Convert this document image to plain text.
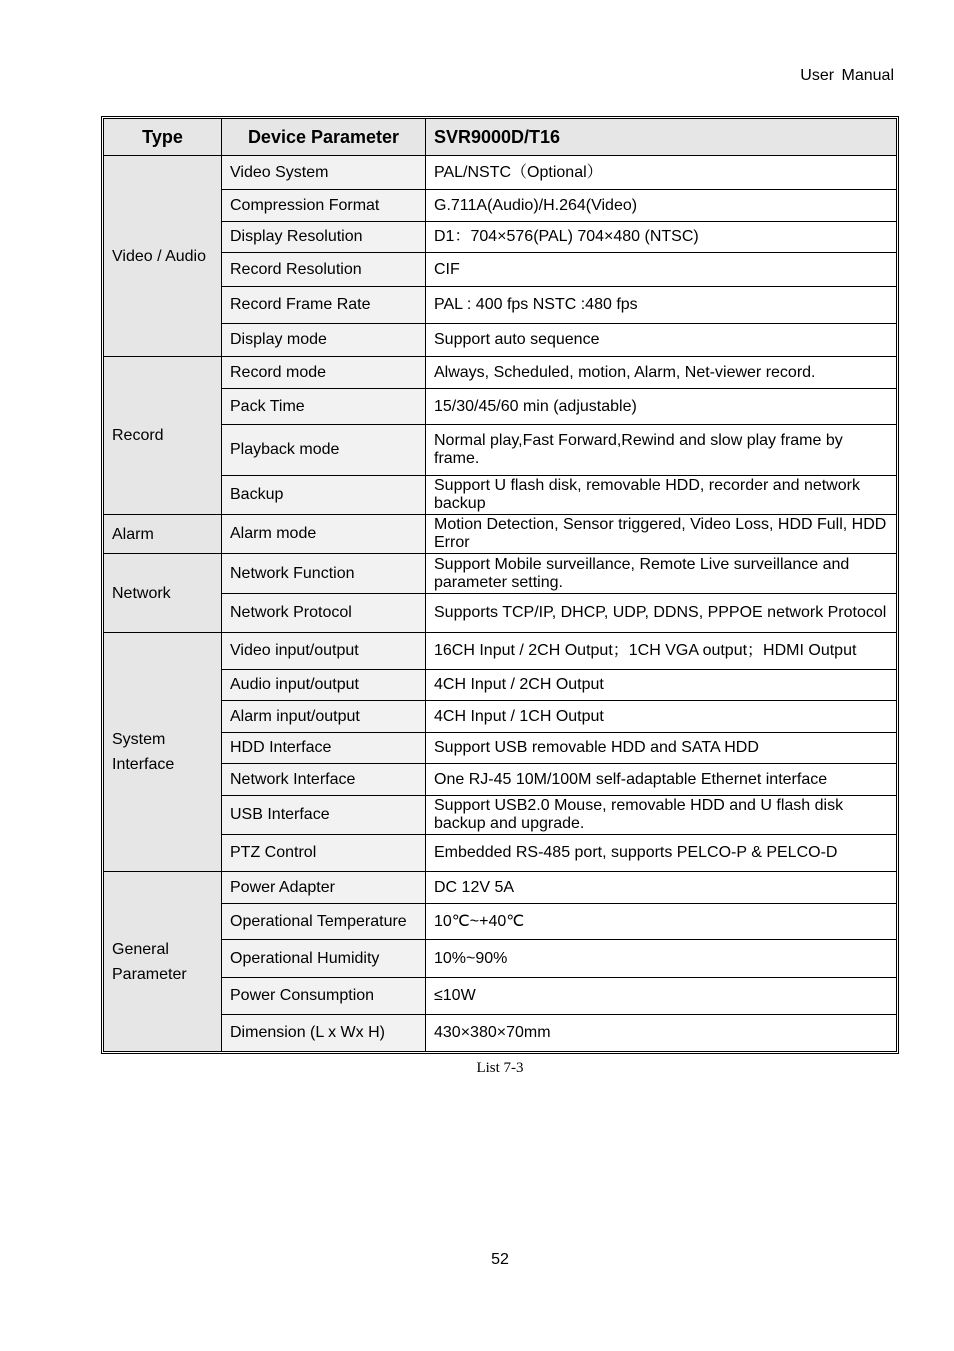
User Manual
Type	Device Parameter	SVR9000D/T16

Video / Audio	Video System	PAL/NSTC（Optional）
	Compression Format	G.711A(Audio)/H.264(Video)
	Display Resolution	D1：704×576(PAL) 704×480 (NTSC)
	Record Resolution	CIF
	Record Frame Rate	PAL : 400 fps NSTC :480 fps
	Display mode	Support auto sequence

Record	Record mode	Always, Scheduled, motion, Alarm, Net-viewer record.
	Pack Time	15/30/45/60 min (adjustable)
	Playback mode	Normal play,Fast Forward,Rewind and slow play frame by frame.
	Backup	Support U flash disk, removable HDD, recorder and network backup

Alarm	Alarm mode	Motion Detection, Sensor triggered, Video Loss, HDD Full, HDD Error

Network	Network Function	Support Mobile surveillance, Remote Live surveillance and parameter setting.
	Network Protocol	Supports TCP/IP, DHCP, UDP, DDNS, PPPOE network Protocol

System
Interface	Video input/output	16CH Input / 2CH Output；1CH VGA output；HDMI Output
	Audio input/output	4CH Input / 2CH Output
	Alarm input/output	4CH Input / 1CH Output
	HDD Interface	Support USB removable HDD and SATA HDD
	Network Interface	One RJ-45 10M/100M self-adaptable Ethernet interface
	USB Interface	Support USB2.0 Mouse, removable HDD and U flash disk backup and upgrade.
	PTZ Control	Embedded RS-485 port, supports PELCO-P & PELCO-D

General
Parameter	Power Adapter	DC 12V 5A
	Operational Temperature	10℃~+40℃
	Operational Humidity	10%~90%
	Power Consumption	≤10W
	Dimension (L x Wx H)	430×380×70mm
List 7-3
52
